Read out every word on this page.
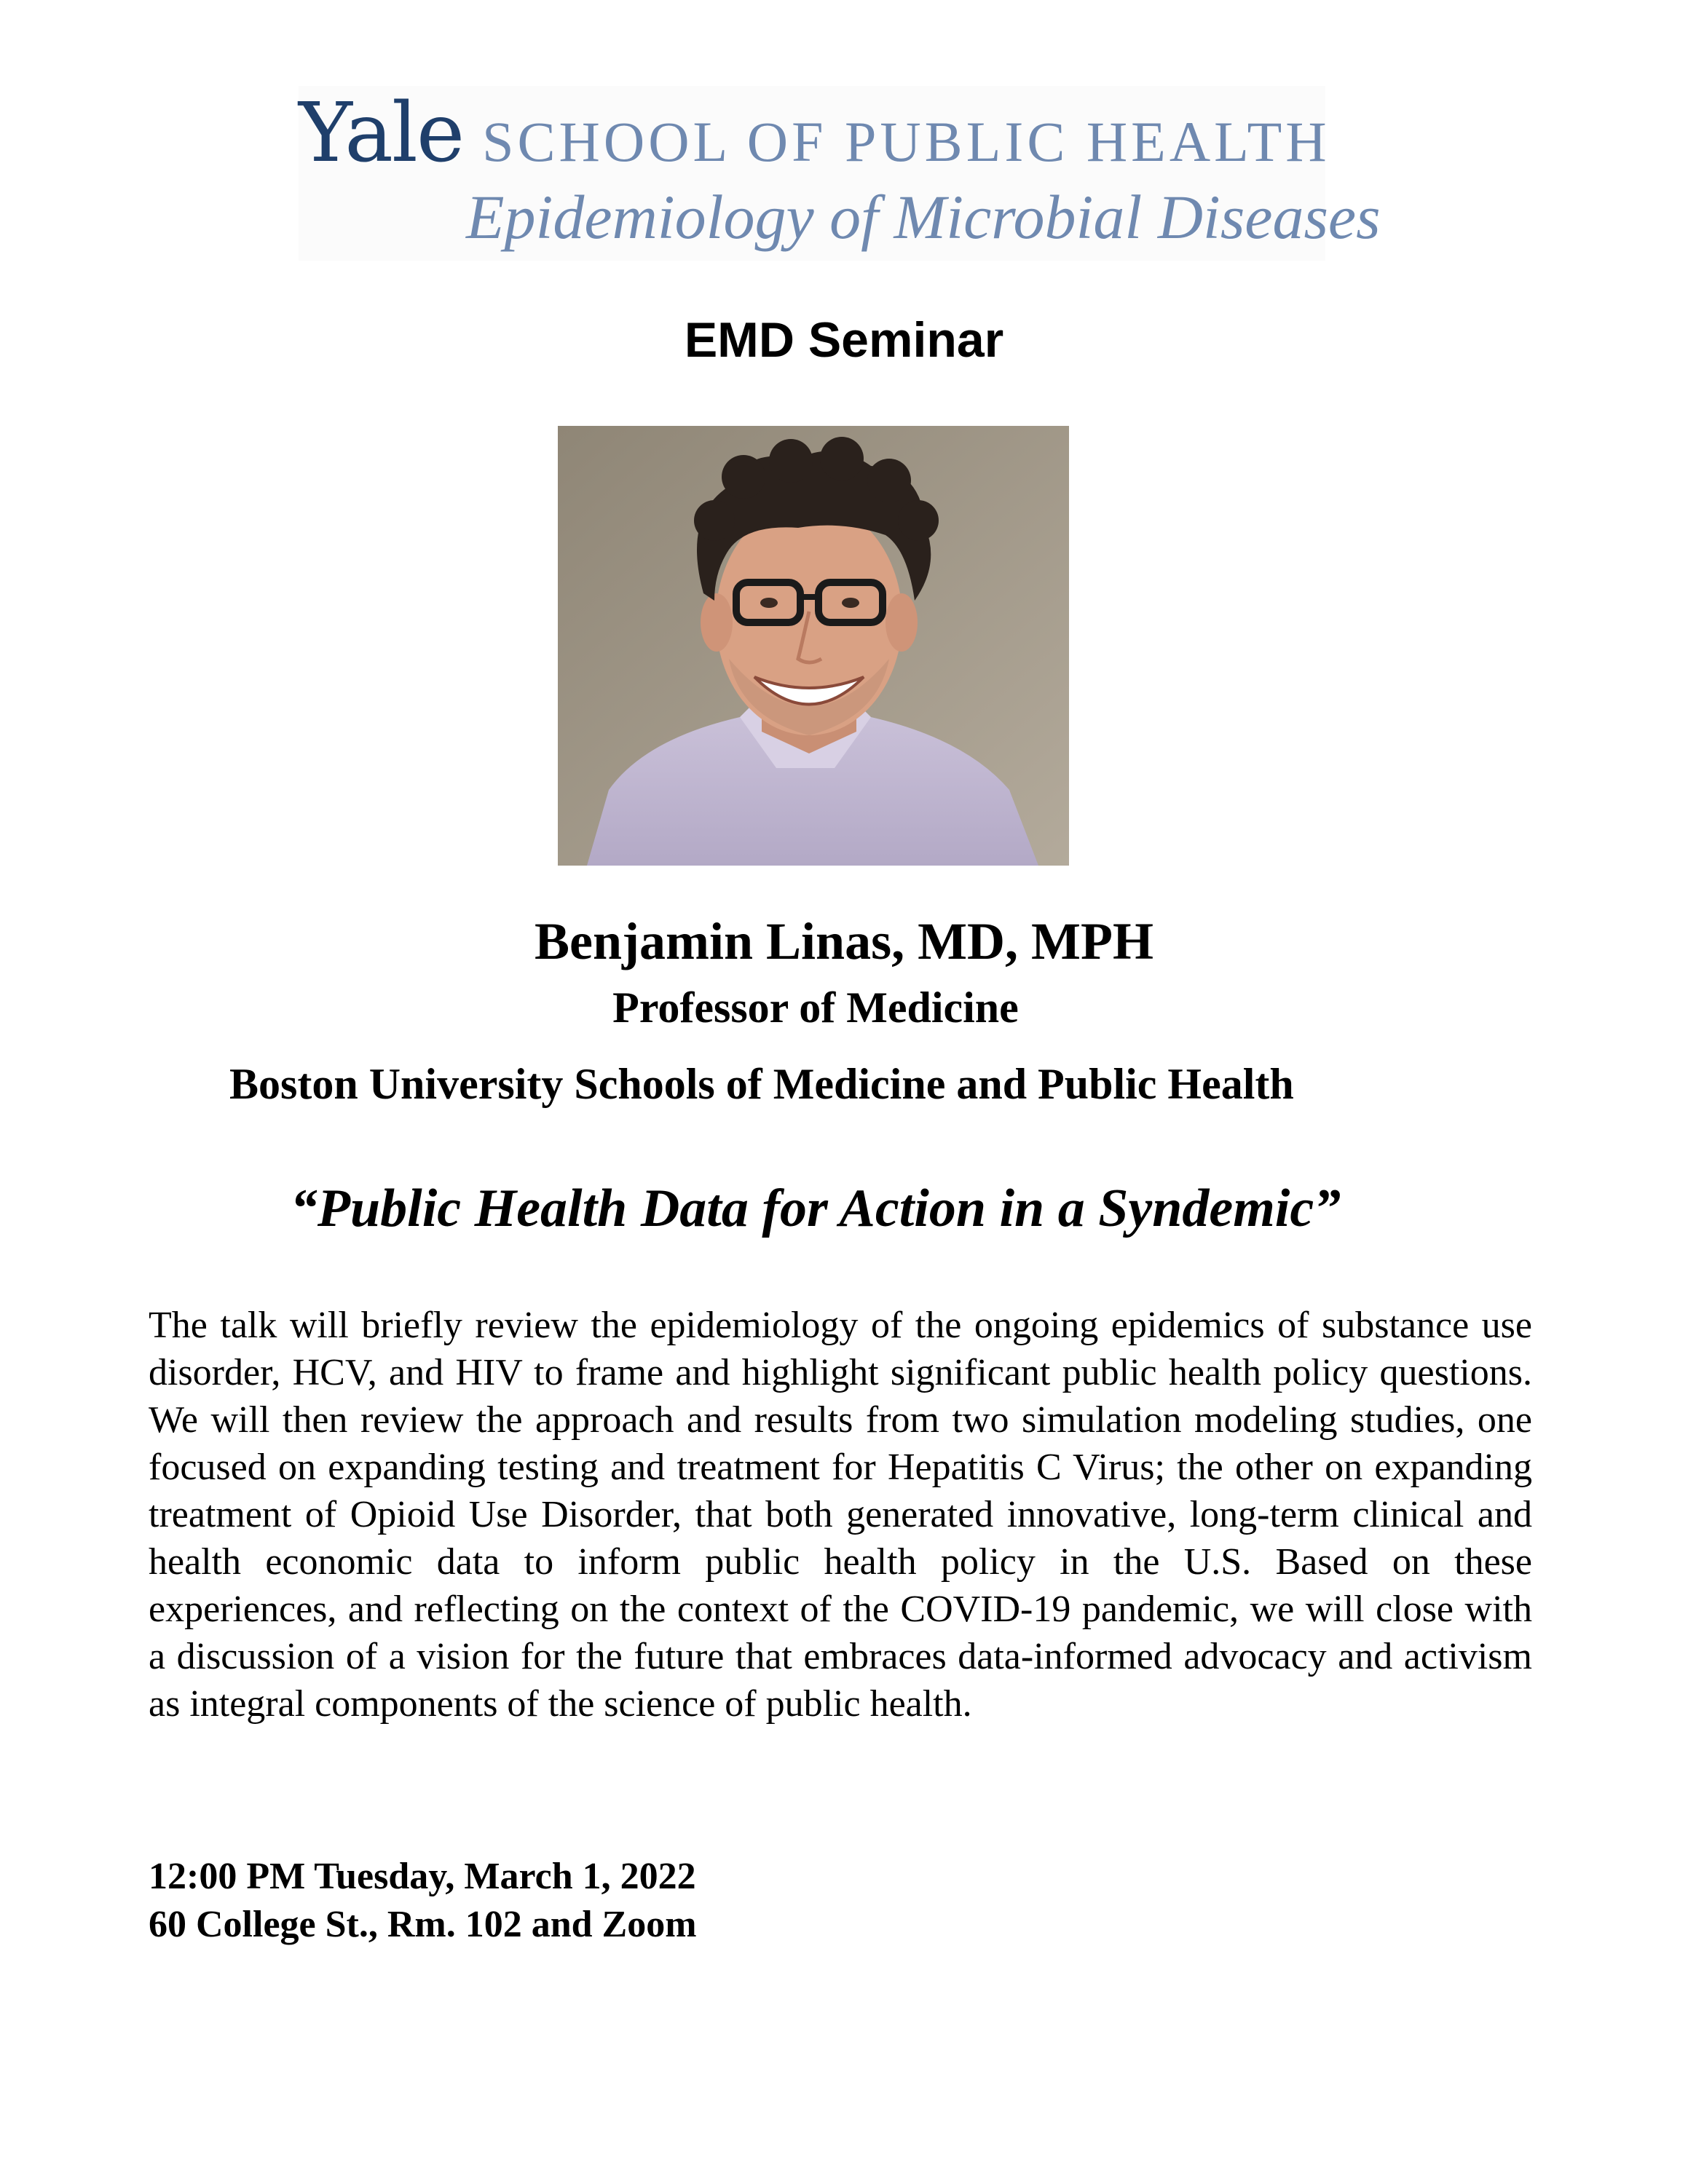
Yale SCHOOL OF PUBLIC HEALTH
Epidemiology of Microbial Diseases
EMD Seminar
Benjamin Linas, MD, MPH
Professor of Medicine
Boston University Schools of Medicine and Public Health
“Public Health Data for Action in a Syndemic”
The talk will briefly review the epidemiology of the ongoing epidemics of substance use disorder, HCV, and HIV to frame and highlight significant public health policy questions. We will then review the approach and results from two simulation modeling studies, one focused on expanding testing and treatment for Hepatitis C Virus; the other on expanding treatment of Opioid Use Disorder, that both generated innovative, long-term clinical and health economic data to inform public health policy in the U.S. Based on these experiences, and reflecting on the context of the COVID-19 pandemic, we will close with a discussion of a vision for the future that embraces data-informed advocacy and activism as integral components of the science of public health.
12:00 PM Tuesday, March 1, 2022
60 College St., Rm. 102 and Zoom
